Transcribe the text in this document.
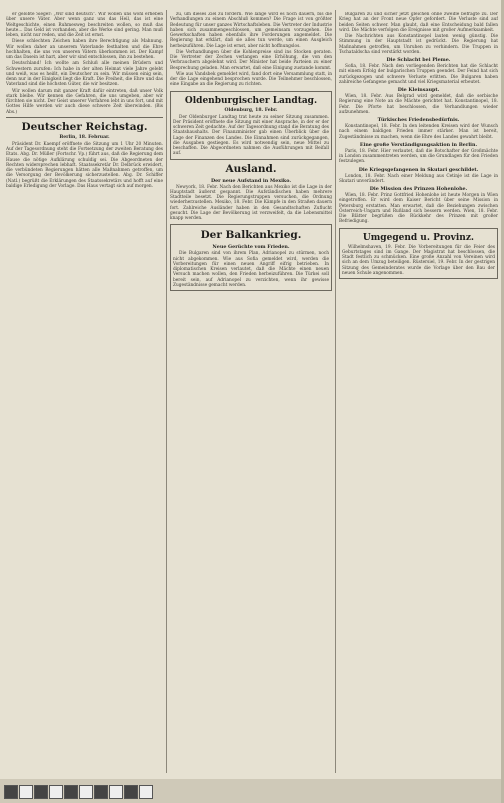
er gelobte Sieger: „Wir sind deutsch“. Wir wollen uns wohl erheben über unsere Väter. Aber wenn ganz uns das Heil, das ist eine Weltgeschichte, einen Ruhmesweg beschreiten wollen, so muß das heute... Das Geld ist vorhanden, aber die Werke sind gering. Man muß leben, nicht nur reden, und die Zeit ist ernst.

Diese schlechten Zeichen haben ihre Berechtigung als Mahnung. Wir wollen daher an unserem Vaterlande festhalten und die Ehre hochhalten, die uns von unseren Vätern überkommen ist. Der Kampf um das Dasein ist hart, aber wir sind entschlossen, ihn zu bestehen.

Deutschland! Ich wollte am Schluß alle meinen Brüdern und Schwestern zurufen: Ich habe in der alten Heimat viele Jahre gelebt und weiß, was es heißt, ein Deutscher zu sein. Wir müssen einig sein, denn nur in der Einigkeit liegt die Kraft. Die Freiheit, die Ehre und das Vaterland sind die höchsten Güter, die wir besitzen.

Wir wollen darum mit ganzer Kraft dafür eintreten, daß unser Volk stark bleibe. Wir kennen die Gefahren, die uns umgeben, aber wir fürchten sie nicht. Der Geist unserer Vorfahren lebt in uns fort, und mit Gottes Hilfe werden wir auch diese schwere Zeit überwinden. (Bis Abs.)

Deutscher Reichstag.
Berlin, 18. Februar.

Präsident Dr. Kaempf eröffnete die Sitzung um 1 Uhr 20 Minuten. Auf der Tagesordnung steht die Fortsetzung der zweiten Beratung des Etats. Abg. Dr. Müller (Fortschr. Vp.) führt aus, daß die Regierung dem Hause die nötige Aufklärung schuldig sei. Die Abgeordneten der Rechten widersprechen lebhaft. Staatssekretär Dr. Delbrück erwidert, die verbündeten Regierungen hätten alle Maßnahmen getroffen, um die Versorgung der Bevölkerung sicherzustellen. Abg. Dr. Schiffer (Natl.) begrüßt die Erklärungen des Staatssekretärs und hofft auf eine baldige Erledigung der Vorlage. Das Haus vertagt sich auf morgen.

zu, um dieses Ziel zu fördern. Wie lange wird es noch dauern, bis die Verhandlungen zu einem Abschluß kommen? Die Frage ist von größter Bedeutung für unser ganzes Wirtschaftsleben. Die Vertreter der Industrie haben sich zusammengeschlossen, um gemeinsam vorzugehen. Die Gewerkschaften haben ebenfalls ihre Forderungen angemeldet. Die Regierung hat erklärt, daß sie alles tun werde, um einen Ausgleich herbeizuführen. Die Lage ist ernst, aber nicht hoffnungslos.

Die Verhandlungen über die Kohlenpreise sind ins Stocken geraten. Die Vertreter der Zechen verlangen eine Erhöhung, die von den Verbrauchern abgelehnt wird. Der Minister hat beide Parteien zu einer Besprechung geladen. Man erwartet, daß eine Einigung zustande kommt.

Wie aus Vandsbek gemeldet wird, fand dort eine Versammlung statt, in der die Lage eingehend besprochen wurde. Die Teilnehmer beschlossen, eine Eingabe an die Regierung zu richten.

Oldenburgischer Landtag.
Oldenburg, 18. Febr.

Der Oldenburger Landtag trat heute zu seiner Sitzung zusammen. Der Präsident eröffnete die Sitzung mit einer Ansprache, in der er der schweren Zeit gedachte. Auf der Tagesordnung stand die Beratung des Staatshaushalts. Der Finanzminister gab einen Überblick über die Lage der Finanzen des Landes. Die Einnahmen sind zurückgegangen, die Ausgaben gestiegen. Es wird notwendig sein, neue Mittel zu beschaffen. Die Abgeordneten nahmen die Ausführungen mit Beifall auf.

Ausland.
Der neue Aufstand in Mexiko.

Newyork, 18. Febr. Nach den Berichten aus Mexiko ist die Lage in der Hauptstadt äußerst gespannt. Die Aufständischen haben mehrere Stadtteile besetzt. Die Regierungstruppen versuchen, die Ordnung wiederherzustellen. Mexiko, 18. Febr. Die Kämpfe in den Straßen dauern fort. Zahlreiche Ausländer haben in den Gesandtschaften Zuflucht gesucht. Die Lage der Bevölkerung ist verzweifelt, da die Lebensmittel knapp werden.

Der Balkankrieg.
Neue Gerüchte vom Frieden.

Die Bulgaren sind von ihrem Plan, Adrianopel zu stürmen, noch nicht abgekommen. Wie aus Sofia gemeldet wird, werden die Vorbereitungen für einen neuen Angriff eifrig betrieben. In diplomatischen Kreisen verlautet, daß die Mächte einen neuen Versuch machen wollen, den Frieden herbeizuführen. Die Türkei soll bereit sein, auf Adrianopel zu verzichten, wenn ihr gewisse Zugeständnisse gemacht werden.

Bulgaren zu und sicher jetzt gleichen ohne zweifle befragte zu. Der Krieg hat an der Front neue Opfer gefordert. Die Verluste sind auf beiden Seiten schwer. Man glaubt, daß eine Entscheidung bald fallen wird. Die Mächte verfolgen die Ereignisse mit großer Aufmerksamkeit.

Die Nachrichten aus Konstantinopel lauten wenig günstig. Die Stimmung in der Hauptstadt ist gedrückt. Die Regierung hat Maßnahmen getroffen, um Unruhen zu verhindern. Die Truppen in Tschataldscha sind verstärkt worden.

Die Schlacht bei Pleme.

Sofia, 18. Febr. Nach den vorliegenden Berichten hat die Schlacht mit einem Erfolg der bulgarischen Truppen geendet. Der Feind hat sich zurückgezogen und schwere Verluste erlitten. Die Bulgaren haben zahlreiche Gefangene gemacht und viel Kriegsmaterial erbeutet.

Die Kleinsaupt.

Wien, 18. Febr. Aus Belgrad wird gemeldet, daß die serbische Regierung eine Note an die Mächte gerichtet hat. Konstantinopel, 18. Febr. Die Pforte hat beschlossen, die Verhandlungen wieder aufzunehmen.

Türkisches Friedensbedürfnis.

Konstantinopel, 18. Febr. In den leitenden Kreisen wird der Wunsch nach einem baldigen Frieden immer stärker. Man ist bereit, Zugeständnisse zu machen, wenn die Ehre des Landes gewahrt bleibt.

Eine große Verständigungsaktion in Berlin.

Paris, 18. Febr. Hier verlautet, daß die Botschafter der Großmächte in London zusammentreten werden, um die Grundlagen für den Frieden festzulegen.

Die Kriegsgefangenen in Skutari geschildet.

London, 18. Febr. Nach einer Meldung aus Cetinje ist die Lage in Skutari unverändert.

Die Mission des Prinzen Hohenlohe.

Wien, 18. Febr. Prinz Gottfried Hohenlohe ist heute Morgen in Wien eingetroffen. Er wird dem Kaiser Bericht über seine Mission in Petersburg erstatten. Man erwartet, daß die Beziehungen zwischen Österreich-Ungarn und Rußland sich bessern werden. Wien, 18. Febr. Die Blätter begrüßen die Rückkehr des Prinzen mit großer Befriedigung.

Umgegend u. Provinz.

Wilhelmshaven, 19. Febr. Die Vorbereitungen für die Feier des Geburtstages sind im Gange. Der Magistrat hat beschlossen, die Stadt festlich zu schmücken. Eine große Anzahl von Vereinen wird sich an dem Umzug beteiligen. Rüstersiel, 19. Febr. In der gestrigen Sitzung des Gemeinderates wurde die Vorlage über den Bau der neuen Schule angenommen.
